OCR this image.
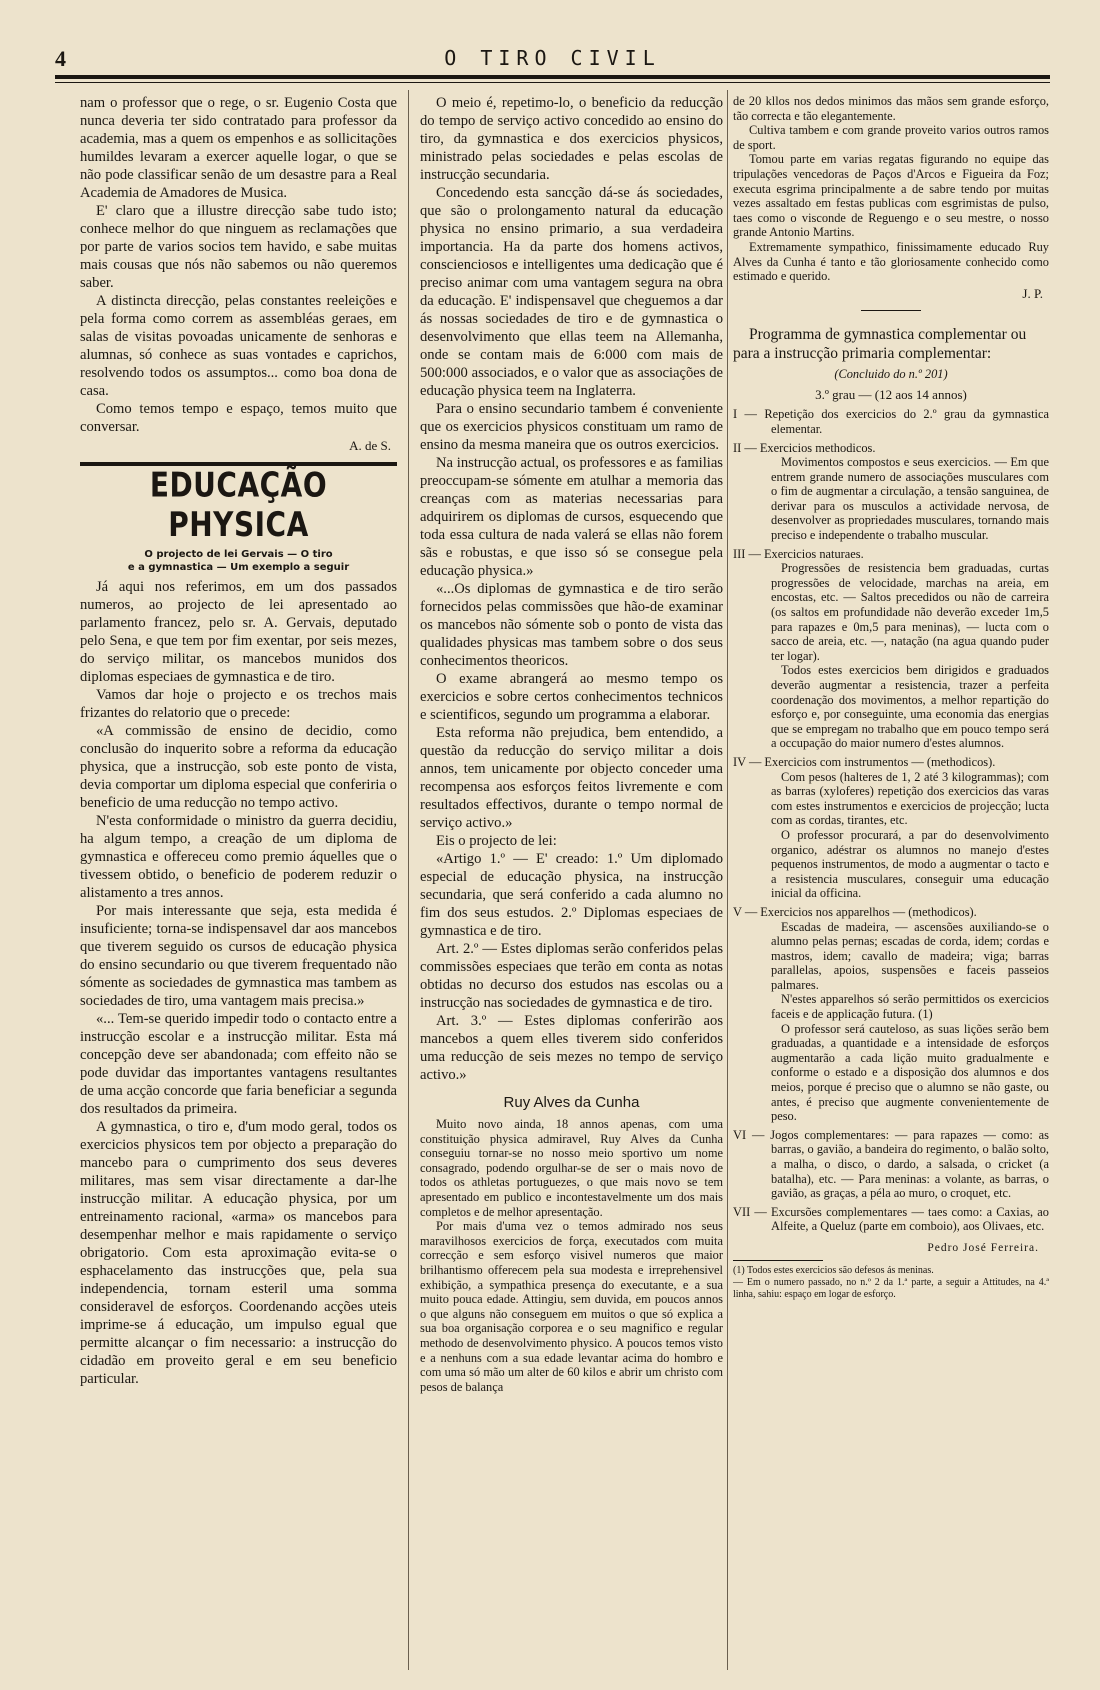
4	O TIRO CIVIL

nam o professor que o rege, o sr. Eugenio Costa que nunca deveria ter sido contratado para professor da academia, mas a quem os empenhos e as sollicitações humildes levaram a exercer aquelle logar, o que se não pode classificar senão de um desastre para a Real Academia de Amadores de Musica.

E' claro que a illustre direcção sabe tudo isto; conhece melhor do que ninguem as reclamações que por parte de varios socios tem havido, e sabe muitas mais cousas que nós não sabemos ou não queremos saber.

A distincta direcção, pelas constantes reeleições e pela forma como correm as assembléas geraes, em salas de visitas povoadas unicamente de senhoras e alumnas, só conhece as suas vontades e caprichos, resolvendo todos os assumptos... como boa dona de casa.

Como temos tempo e espaço, temos muito que conversar.

A. de S.
EDUCAÇÃO PHYSICA
O projecto de lei Gervais — O tiro
e a gymnastica — Um exemplo a seguir

Já aqui nos referimos, em um dos passados numeros, ao projecto de lei apresentado ao parlamento francez, pelo sr. A. Gervais, deputado pelo Sena, e que tem por fim exentar, por seis mezes, do serviço militar, os mancebos munidos dos diplomas especiaes de gymnastica e de tiro.

Vamos dar hoje o projecto e os trechos mais frizantes do relatorio que o precede:

«A commissão de ensino de decidio, como conclusão do inquerito sobre a reforma da educação physica, que a instrucção, sob este ponto de vista, devia comportar um diploma especial que conferiria o beneficio de uma reducção no tempo activo.

N'esta conformidade o ministro da guerra decidiu, ha algum tempo, a creação de um diploma de gymnastica e offereceu como premio áquelles que o tivessem obtido, o beneficio de poderem reduzir o alistamento a tres annos.

Por mais interessante que seja, esta medida é insuficiente; torna-se indispensavel dar aos mancebos que tiverem seguido os cursos de educação physica do ensino secundario ou que tiverem frequentado não sómente as sociedades de gymnastica mas tambem as sociedades de tiro, uma vantagem mais precisa.»

«... Tem-se querido impedir todo o contacto entre a instrucção escolar e a instrucção militar. Esta má concepção deve ser abandonada; com effeito não se pode duvidar das importantes vantagens resultantes de uma acção concorde que faria beneficiar a segunda dos resultados da primeira.

A gymnastica, o tiro e, d'um modo geral, todos os exercicios physicos tem por objecto a preparação do mancebo para o cumprimento dos seus deveres militares, mas sem visar directamente a dar-lhe instrucção militar. A educação physica, por um entreinamento racional, «arma» os mancebos para desempenhar melhor e mais rapidamente o serviço obrigatorio. Com esta aproximação evita-se o esphacelamento das instrucções que, pela sua independencia, tornam esteril uma somma consideravel de esforços. Coordenando acções uteis imprime-se á educação, um impulso egual que permitte alcançar o fim necessario: a instrucção do cidadão em proveito geral e em seu beneficio particular.

O meio é, repetimo-lo, o beneficio da reducção do tempo de serviço activo concedido ao ensino do tiro, da gymnastica e dos exercicios physicos, ministrado pelas sociedades e pelas escolas de instrucção secundaria.

Concedendo esta sancção dá-se ás sociedades, que são o prolongamento natural da educação physica no ensino primario, a sua verdadeira importancia. Ha da parte dos homens activos, conscienciosos e intelligentes uma dedicação que é preciso animar com uma vantagem segura na obra da educação. E' indispensavel que cheguemos a dar ás nossas sociedades de tiro e de gymnastica o desenvolvimento que ellas teem na Allemanha, onde se contam mais de 6:000 com mais de 500:000 associados, e o valor que as associações de educação physica teem na Inglaterra.

Para o ensino secundario tambem é conveniente que os exercicios physicos constituam um ramo de ensino da mesma maneira que os outros exercicios.

Na instrucção actual, os professores e as familias preoccupam-se sómente em atulhar a memoria das creanças com as materias necessarias para adquirirem os diplomas de cursos, esquecendo que toda essa cultura de nada valerá se ellas não forem sãs e robustas, e que isso só se consegue pela educação physica.»

«...Os diplomas de gymnastica e de tiro serão fornecidos pelas commissões que hão-de examinar os mancebos não sómente sob o ponto de vista das qualidades physicas mas tambem sobre o dos seus conhecimentos theoricos.

O exame abrangerá ao mesmo tempo os exercicios e sobre certos conhecimentos technicos e scientificos, segundo um programma a elaborar.

Esta reforma não prejudica, bem entendido, a questão da reducção do serviço militar a dois annos, tem unicamente por objecto conceder uma recompensa aos esforços feitos livremente e com resultados effectivos, durante o tempo normal de serviço activo.»

Eis o projecto de lei:

«Artigo 1.º — E' creado: 1.º Um diplomado especial de educação physica, na instrucção secundaria, que será conferido a cada alumno no fim dos seus estudos. 2.º Diplomas especiaes de gymnastica e de tiro.

Art. 2.º — Estes diplomas serão conferidos pelas commissões especiaes que terão em conta as notas obtidas no decurso dos estudos nas escolas ou a instrucção nas sociedades de gymnastica e de tiro.

Art. 3.º — Estes diplomas conferirão aos mancebos a quem elles tiverem sido conferidos uma reducção de seis mezes no tempo de serviço activo.»

Ruy Alves da Cunha

Muito novo ainda, 18 annos apenas, com uma constituição physica admiravel, Ruy Alves da Cunha conseguiu tornar-se no nosso meio sportivo um nome consagrado, podendo orgulhar-se de ser o mais novo de todos os athletas portuguezes, o que mais novo se tem apresentado em publico e incontestavelmente um dos mais completos e de melhor apresentação.

Por mais d'uma vez o temos admirado nos seus maravilhosos exercicios de força, executados com muita correcção e sem esforço visivel numeros que maior brilhantismo offerecem pela sua modesta e irreprehensivel exhibição, a sympathica presença do executante, e a sua muito pouca edade. Attingiu, sem duvida, em poucos annos o que alguns não conseguem em muitos o que só explica a sua boa organisação corporea e o seu magnifico e regular methodo de desenvolvimento physico. A poucos temos visto e a nenhuns com a sua edade levantar acima do hombro e com uma só mão um alter de 60 kilos e abrir um christo com pesos de balança

de 20 kllos nos dedos minimos das mãos sem grande esforço, tão correcta e tão elegantemente.

Cultiva tambem e com grande proveito varios outros ramos de sport.

Tomou parte em varias regatas figurando no equipe das tripulações vencedoras de Paços d'Arcos e Figueira da Foz; executa esgrima principalmente a de sabre tendo por muitas vezes assaltado em festas publicas com esgrimistas de pulso, taes como o visconde de Reguengo e o seu mestre, o nosso grande Antonio Martins.

Extremamente sympathico, finissimamente educado Ruy Alves da Cunha é tanto e tão gloriosamente conhecido como estimado e querido.

J. P.

Programma de gymnastica complementar ou para a instrucção primaria complementar:

(Concluido do n.º 201)

3.º grau — (12 aos 14 annos)

I — Repetição dos exercicios do 2.º grau da gymnastica elementar.

II — Exercicios methodicos.

Movimentos compostos e seus exercicios. — Em que entrem grande numero de associações musculares com o fim de augmentar a circulação, a tensão sanguinea, de derivar para os musculos a actividade nervosa, de desenvolver as propriedades musculares, tornando mais preciso e independente o trabalho muscular.

III — Exercicios naturaes.

Progressões de resistencia bem graduadas, curtas progressões de velocidade, marchas na areia, em encostas, etc. — Saltos precedidos ou não de carreira (os saltos em profundidade não deverão exceder 1m,5 para rapazes e 0m,5 para meninas), — lucta com o sacco de areia, etc. —, natação (na agua quando puder ter logar).

Todos estes exercicios bem dirigidos e graduados deverão augmentar a resistencia, trazer a perfeita coordenação dos movimentos, a melhor repartição do esforço e, por conseguinte, uma economia das energias que se empregam no trabalho que em pouco tempo será a occupação do maior numero d'estes alumnos.

IV — Exercicios com instrumentos — (methodicos).

Com pesos (halteres de 1, 2 até 3 kilogrammas); com as barras (xyloferes) repetição dos exercicios das varas com estes instrumentos e exercicios de projecção; lucta com as cordas, tirantes, etc.

O professor procurará, a par do desenvolvimento organico, adéstrar os alumnos no manejo d'estes pequenos instrumentos, de modo a augmentar o tacto e a resistencia musculares, conseguir uma educação inicial da officina.

V — Exercicios nos apparelhos — (methodicos).

Escadas de madeira, — ascensões auxiliando-se o alumno pelas pernas; escadas de corda, idem; cordas e mastros, idem; cavallo de madeira; viga; barras parallelas, apoios, suspensões e faceis passeios palmares.

N'estes apparelhos só serão permittidos os exercicios faceis e de applicação futura. (1)

O professor será cauteloso, as suas lições serão bem graduadas, a quantidade e a intensidade de esforços augmentarão a cada lição muito gradualmente e conforme o estado e a disposição dos alumnos e dos meios, porque é preciso que o alumno se não gaste, ou antes, é preciso que augmente convenientemente de peso.

VI — Jogos complementares: — para rapazes — como: as barras, o gavião, a bandeira do regimento, o balão solto, a malha, o disco, o dardo, a salsada, o cricket (a batalha), etc. — Para meninas: a volante, as barras, o gavião, as graças, a péla ao muro, o croquet, etc.

VII — Excursões complementares — taes como: a Caxias, ao Alfeite, a Queluz (parte em comboio), aos Olivaes, etc.

Pedro José Ferreira.

(1) Todos estes exercicios são defesos ás meninas.

— Em o numero passado, no n.º 2 da 1.ª parte, a seguir a Attitudes, na 4.ª linha, sahiu: espaço em logar de esforço.
